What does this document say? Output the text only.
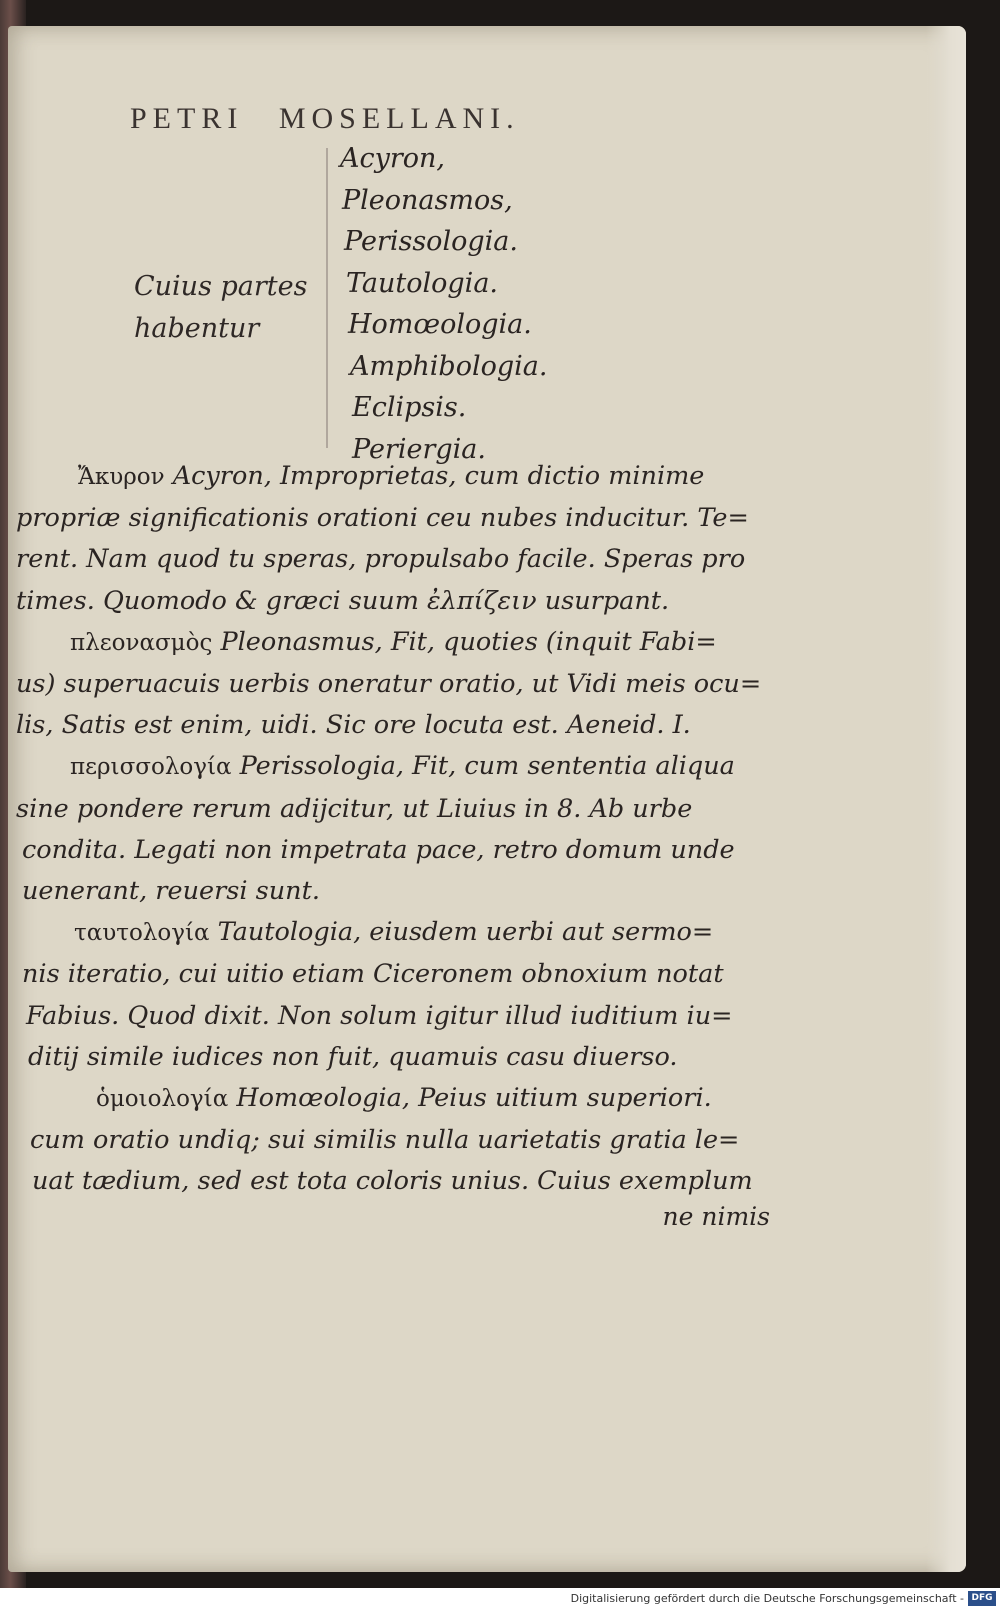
PETRI MOSELLANI.
Cuius partes
habentur
Acyron,
Pleonasmos,
Perissologia.
Tautologia.
Homœologia.
Amphibologia.
Eclipsis.
Periergia.
Ἄκυρον Acyron, Improprietas, cum dictio minime
propriæ significationis orationi ceu nubes inducitur. Te=
rent. Nam quod tu speras, propulsabo facile. Speras pro
times. Quomodo & græci suum ἐλπίζειν usurpant.
πλεονασμὸς Pleonasmus, Fit, quoties (inquit Fabi=
us) superuacuis uerbis oneratur oratio, ut Vidi meis ocu=
lis, Satis est enim, uidi. Sic ore locuta est. Aeneid. I.
περισσολογία Perissologia, Fit, cum sententia aliqua
sine pondere rerum adijcitur, ut Liuius in 8. Ab urbe
condita. Legati non impetrata pace, retro domum unde
uenerant, reuersi sunt.
ταυτολογία Tautologia, eiusdem uerbi aut sermo=
nis iteratio, cui uitio etiam Ciceronem obnoxium notat
Fabius. Quod dixit. Non solum igitur illud iuditium iu=
ditij simile iudices non fuit, quamuis casu diuerso.
ὁμοιολογία Homœologia, Peius uitium superiori.
cum oratio undiq; sui similis nulla uarietatis gratia le=
uat tædium, sed est tota coloris unius. Cuius exemplum
ne nimis
Digitalisierung gefördert durch die Deutsche Forschungsgemeinschaft - DFG
